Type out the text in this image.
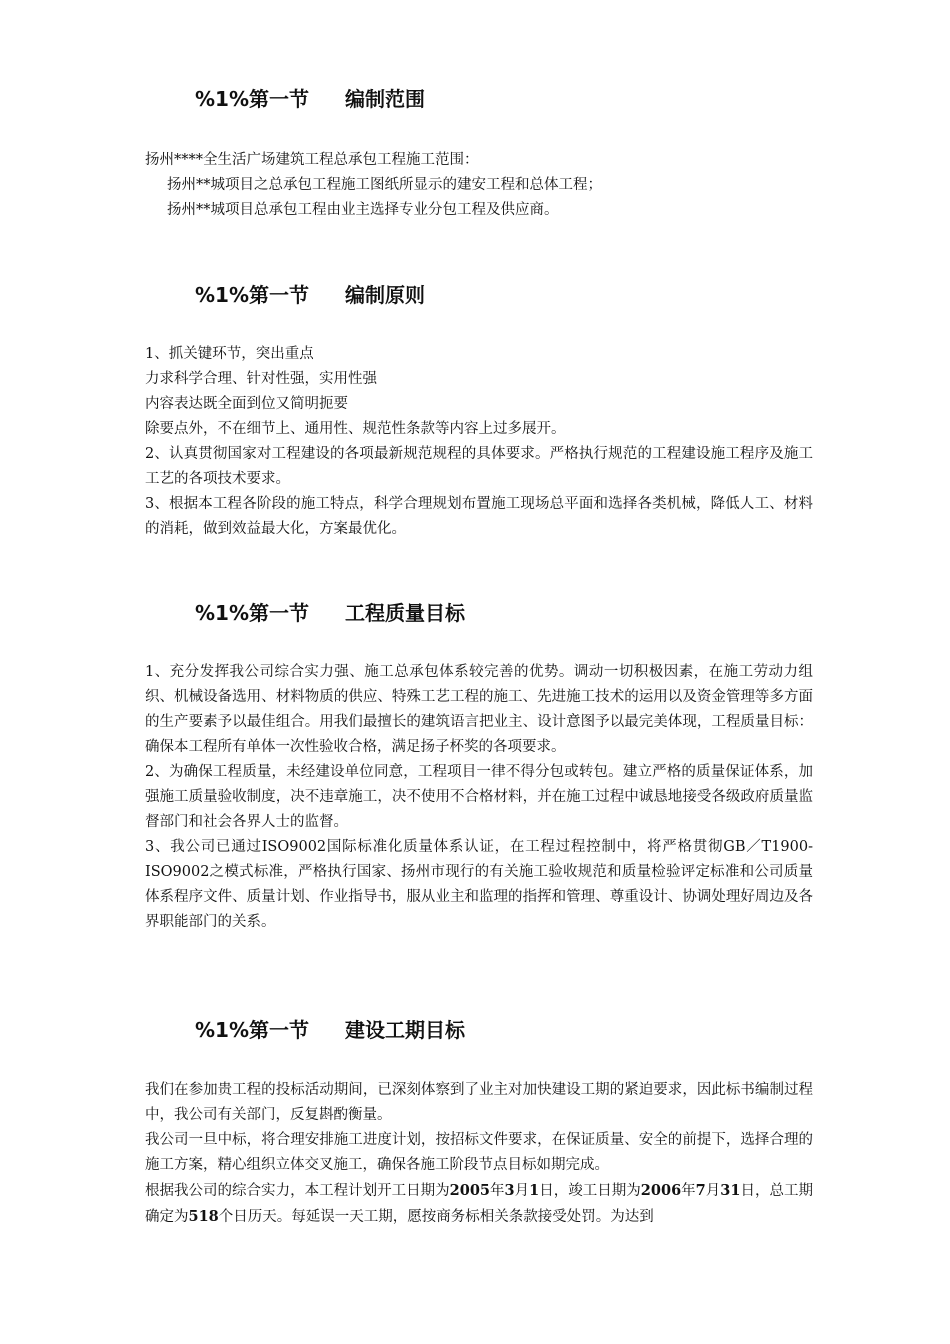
%1%第一节 编制范围

扬州****全生活广场建筑工程总承包工程施工范围：

扬州**城项目之总承包工程施工图纸所显示的建安工程和总体工程；

扬州**城项目总承包工程由业主选择专业分包工程及供应商。

%1%第一节 编制原则

1、抓关键环节，突出重点

力求科学合理、针对性强，实用性强

内容表达既全面到位又简明扼要

除要点外，不在细节上、通用性、规范性条款等内容上过多展开。

2、认真贯彻国家对工程建设的各项最新规范规程的具体要求。严格执行规范的工程建设施工程序及施工工艺的各项技术要求。

3、根据本工程各阶段的施工特点，科学合理规划布置施工现场总平面和选择各类机械，降低人工、材料的消耗，做到效益最大化，方案最优化。

%1%第一节 工程质量目标

1、充分发挥我公司综合实力强、施工总承包体系较完善的优势。调动一切积极因素，在施工劳动力组织、机械设备选用、材料物质的供应、特殊工艺工程的施工、先进施工技术的运用以及资金管理等多方面的生产要素予以最佳组合。用我们最擅长的建筑语言把业主、设计意图予以最完美体现，工程质量目标：确保本工程所有单体一次性验收合格，满足扬子杯奖的各项要求。

2、为确保工程质量，未经建设单位同意，工程项目一律不得分包或转包。建立严格的质量保证体系，加强施工质量验收制度，决不违章施工，决不使用不合格材料，并在施工过程中诚恳地接受各级政府质量监督部门和社会各界人士的监督。

3、我公司已通过ISO9002国际标准化质量体系认证，在工程过程控制中，将严格贯彻GB／T1900-ISO9002之模式标准，严格执行国家、扬州市现行的有关施工验收规范和质量检验评定标准和公司质量体系程序文件、质量计划、作业指导书，服从业主和监理的指挥和管理、尊重设计、协调处理好周边及各界职能部门的关系。

%1%第一节 建设工期目标

我们在参加贵工程的投标活动期间，已深刻体察到了业主对加快建设工期的紧迫要求，因此标书编制过程中，我公司有关部门，反复斟酌衡量。

我公司一旦中标，将合理安排施工进度计划，按招标文件要求，在保证质量、安全的前提下，选择合理的施工方案，精心组织立体交叉施工，确保各施工阶段节点目标如期完成。

根据我公司的综合实力，本工程计划开工日期为2005年3月1日，竣工日期为2006年7月31日，总工期确定为518个日历天。每延误一天工期，愿按商务标相关条款接受处罚。为达到
